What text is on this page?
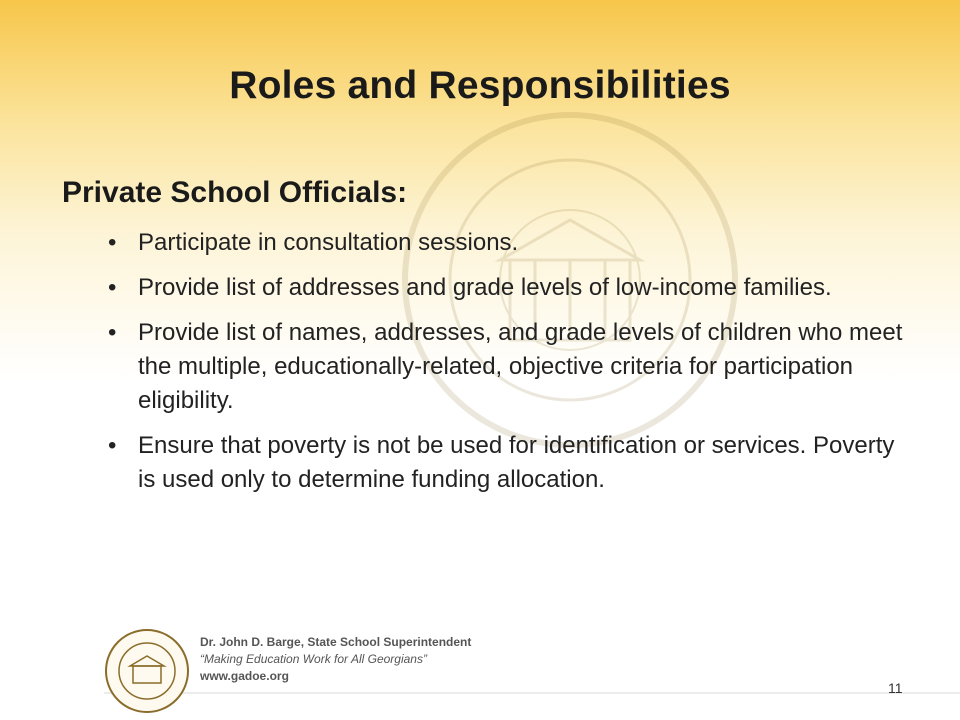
Roles and Responsibilities
Private School Officials:
• Participate in consultation sessions.
• Provide list of addresses and grade levels of low-income families.
• Provide list of names, addresses, and grade levels of children who meet the multiple, educationally-related, objective criteria for participation eligibility.
• Ensure that poverty is not be used for identification or services. Poverty is used only to determine funding allocation.
Dr. John D. Barge, State School Superintendent
“Making Education Work for All Georgians”
www.gadoe.org
11
